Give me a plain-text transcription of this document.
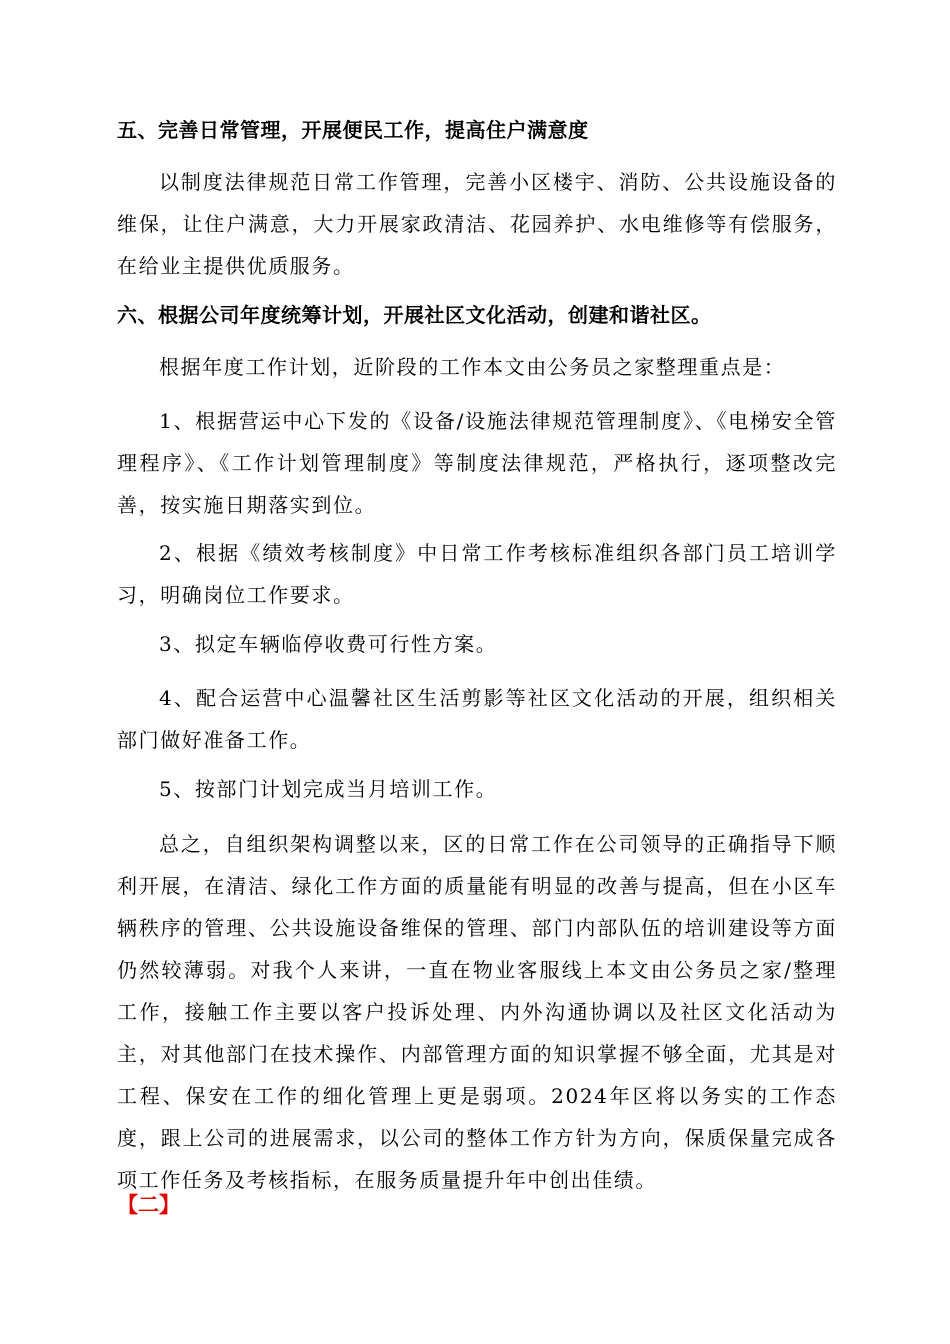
五、完善日常管理，开展便民工作，提高住户满意度
以制度法律规范日常工作管理，完善小区楼宇、消防、公共设施设备的维保，让住户满意，大力开展家政清洁、花园养护、水电维修等有偿服务，在给业主提供优质服务。
六、根据公司年度统筹计划，开展社区文化活动，创建和谐社区。
根据年度工作计划，近阶段的工作本文由公务员之家整理重点是：
1、根据营运中心下发的《设备/设施法律规范管理制度》、《电梯安全管理程序》、《工作计划管理制度》等制度法律规范，严格执行，逐项整改完善，按实施日期落实到位。
2、根据《绩效考核制度》中日常工作考核标准组织各部门员工培训学习，明确岗位工作要求。
3、拟定车辆临停收费可行性方案。
4、配合运营中心温馨社区生活剪影等社区文化活动的开展，组织相关部门做好准备工作。
5、按部门计划完成当月培训工作。
总之，自组织架构调整以来，区的日常工作在公司领导的正确指导下顺利开展，在清洁、绿化工作方面的质量能有明显的改善与提高，但在小区车辆秩序的管理、公共设施设备维保的管理、部门内部队伍的培训建设等方面仍然较薄弱。对我个人来讲，一直在物业客服线上本文由公务员之家/整理工作，接触工作主要以客户投诉处理、内外沟通协调以及社区文化活动为主，对其他部门在技术操作、内部管理方面的知识掌握不够全面，尤其是对工程、保安在工作的细化管理上更是弱项。2024年区将以务实的工作态度，跟上公司的进展需求，以公司的整体工作方针为方向，保质保量完成各项工作任务及考核指标，在服务质量提升年中创出佳绩。
【二】
